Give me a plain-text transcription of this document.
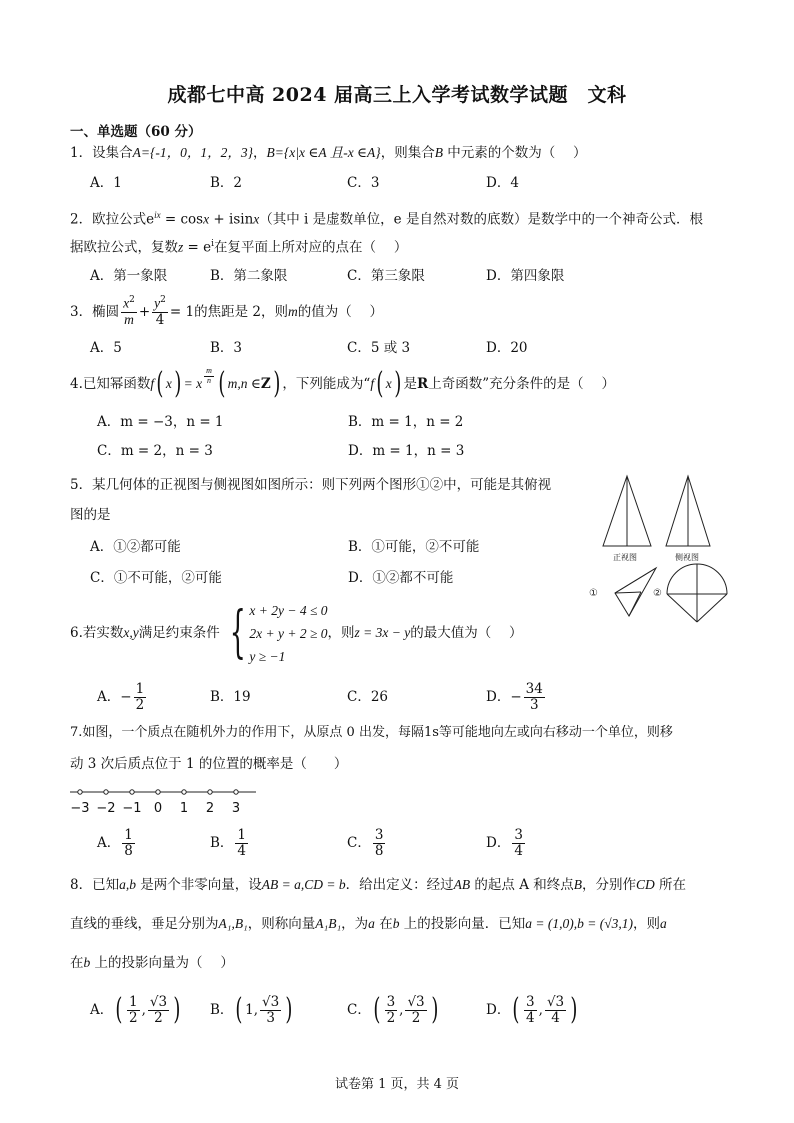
成都七中高 2024 届高三上入学考试数学试题　文科
一、单选题（60 分）
1．设集合A={-1，0，1，2，3}，B={x|x ∈A 且-x ∈A}，则集合B 中元素的个数为（　 ）
A．1	B．2	C．3	D．4
2．欧拉公式$e^{ix} = \cos x + isinx$（其中 i 是虚数单位，e 是自然对数的底数）是数学中的一个神奇公式．根
据欧拉公式，复数$z = e^i$在复平面上所对应的点在（　 ）
A．第一象限	B．第二象限	C．第三象限	D．第四象限
3．椭圆 $\frac{x^2}{m} + \frac{y^2}{4} = 1$ 的焦距是 2，则 m 的值为（　 ）
A．5	B．3	C．5 或 3	D．20
4.已知幂函数 f ( x ) = x $\frac{m}{n}$ ( m ,n ∈ Z ) ，下列能成为“ f ( x ) 是 R 上奇函数”充分条件的是（　 ）
A．m = −3，n = 1	B．m = 1，n = 2
C．m = 2，n = 3	D．m = 1，n = 3
5．某几何体的正视图与侧视图如图所示：则下列两个图形①②中，可能是其俯视
图的是
A．①②都可能	B．①可能，②不可能
C．①不可能，②可能	D．①②都不可能
正视图	侧视图
①	②
6.若实数 x,y 满足约束条件 { x + 2y − 4 ≤ 0
2x + y + 2 ≥ 0
y ≥ −1
，则 z = 3x − y 的最大值为（　 ）
A． − $\frac{1}{2}$	B．19	C．26	D． − $\frac{34}{3}$
7.如图，一个质点在随机外力的作用下，从原点 0 出发，每隔1s等可能地向左或向右移动一个单位，则移
动 3 次后质点位于 1 的位置的概率是（　　）
−3 −2 −1 0 1 2 3
A． $\frac{1}{8}$	B． $\frac{1}{4}$	C． $\frac{3}{8}$	D． $\frac{3}{4}$
8．已知a,b 是两个非零向量，设AB = a,CD = b．给出定义：经过AB 的起点 A 和终点B，分别作CD 所在
直线的垂线，垂足分别为A₁,B₁，则称向量A₁B₁，为a 在b 上的投影向量．已知a = (1,0),b = (√3,1)，则a
在b 上的投影向量为（　 ）
A． ( $\frac{1}{2}$ , $\frac{√3}{2}$ ) B． ( 1 , $\frac{√3}{3}$ )	C． ( $\frac{3}{2}$ , $\frac{√3}{2}$ )	D． ( $\frac{3}{4}$ , $\frac{√3}{4}$ )
试卷第 1 页，共 4 页
